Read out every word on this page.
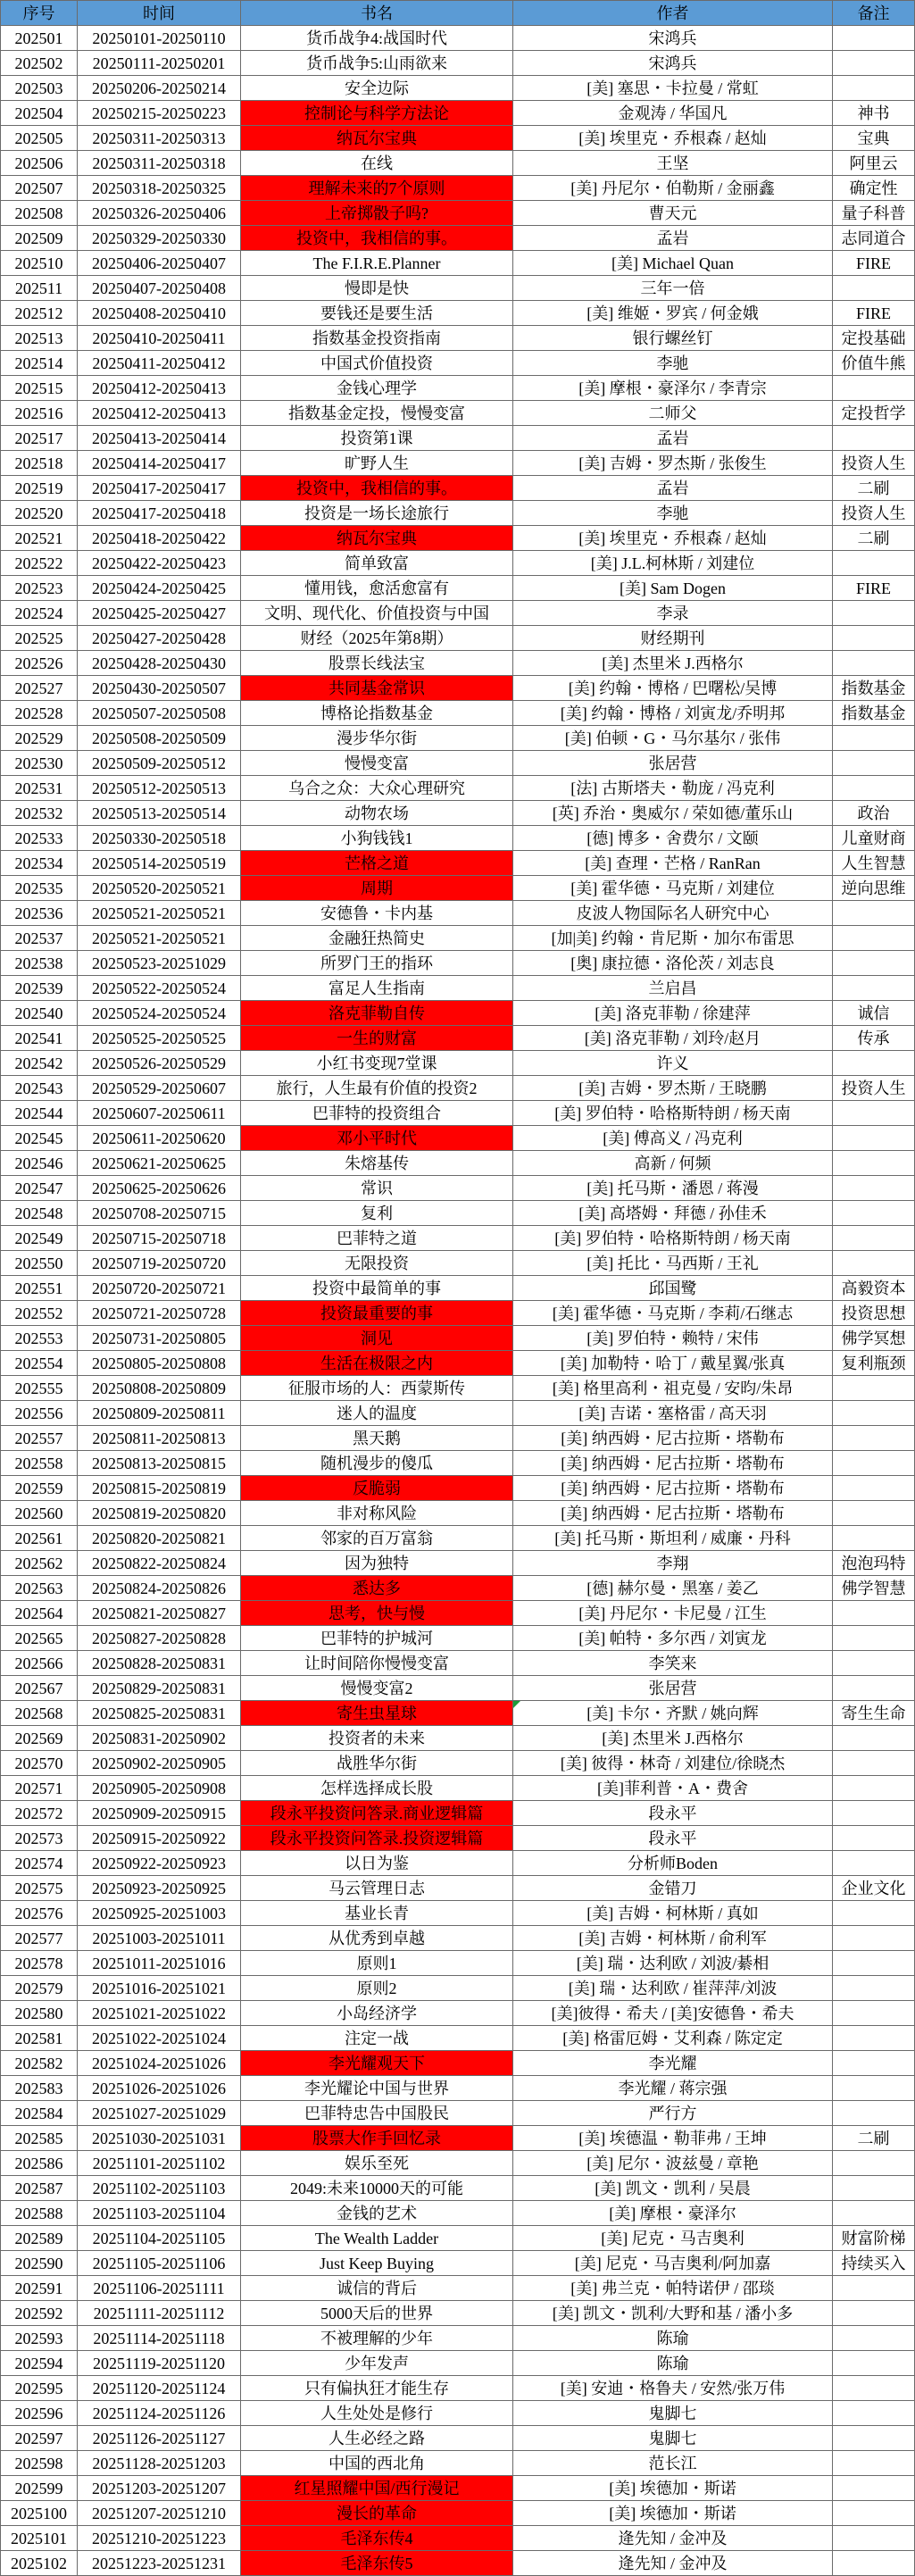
序号	时间	书名	作者	备注
202501	20250101-20250110	货币战争4:战国时代	宋鸿兵	
202502	20250111-20250201	货币战争5:山雨欲来	宋鸿兵	
202503	20250206-20250214	安全边际	[美] 塞思・卡拉曼 / 常虹	
202504	20250215-20250223	控制论与科学方法论	金观涛 / 华国凡	神书
202505	20250311-20250313	纳瓦尔宝典	[美] 埃里克・乔根森 / 赵灿	宝典
202506	20250311-20250318	在线	王坚	阿里云
202507	20250318-20250325	理解未来的7个原则	[美] 丹尼尔・伯勒斯 / 金丽鑫	确定性
202508	20250326-20250406	上帝掷骰子吗?	曹天元	量子科普
202509	20250329-20250330	投资中，我相信的事。	孟岩	志同道合
202510	20250406-20250407	The F.I.R.E.Planner	[美] Michael Quan	FIRE
202511	20250407-20250408	慢即是快	三年一倍	
202512	20250408-20250410	要钱还是要生活	[美] 维姬・罗宾 / 何金娥	FIRE
202513	20250410-20250411	指数基金投资指南	银行螺丝钉	定投基础
202514	20250411-20250412	中国式价值投资	李驰	价值牛熊
202515	20250412-20250413	金钱心理学	[美] 摩根・豪泽尔 / 李青宗	
202516	20250412-20250413	指数基金定投，慢慢变富	二师父	定投哲学
202517	20250413-20250414	投资第1课	孟岩	
202518	20250414-20250417	旷野人生	[美] 吉姆・罗杰斯 / 张俊生	投资人生
202519	20250417-20250417	投资中，我相信的事。	孟岩	二刷
202520	20250417-20250418	投资是一场长途旅行	李驰	投资人生
202521	20250418-20250422	纳瓦尔宝典	[美] 埃里克・乔根森 / 赵灿	二刷
202522	20250422-20250423	简单致富	[美] J.L.柯林斯 / 刘建位	
202523	20250424-20250425	懂用钱，愈活愈富有	[美] Sam Dogen	FIRE
202524	20250425-20250427	文明、现代化、价值投资与中国	李录	
202525	20250427-20250428	财经（2025年第8期）	财经期刊	
202526	20250428-20250430	股票长线法宝	[美] 杰里米 J.西格尔	
202527	20250430-20250507	共同基金常识	[美] 约翰・博格 / 巴曙松/吴博	指数基金
202528	20250507-20250508	博格论指数基金	[美] 约翰・博格 / 刘寅龙/乔明邦	指数基金
202529	20250508-20250509	漫步华尔街	[美] 伯顿・G・马尔基尔 / 张伟	
202530	20250509-20250512	慢慢变富	张居营	
202531	20250512-20250513	乌合之众：大众心理研究	[法] 古斯塔夫・勒庞 / 冯克利	
202532	20250513-20250514	动物农场	[英] 乔治・奥威尔 / 荣如德/董乐山	政治
202533	20250330-20250518	小狗钱钱1	[德] 博多・舍费尔 / 文颐	儿童财商
202534	20250514-20250519	芒格之道	[美] 查理・芒格 / RanRan	人生智慧
202535	20250520-20250521	周期	[美] 霍华德・马克斯 / 刘建位	逆向思维
202536	20250521-20250521	安德鲁・卡内基	皮波人物国际名人研究中心	
202537	20250521-20250521	金融狂热简史	[加|美] 约翰・肯尼斯・加尔布雷思	
202538	20250523-20251029	所罗门王的指环	[奥] 康拉德・洛伦茨 / 刘志良	
202539	20250522-20250524	富足人生指南	兰启昌	
202540	20250524-20250524	洛克菲勒自传	[美] 洛克菲勒 / 徐建萍	诚信
202541	20250525-20250525	一生的财富	[美] 洛克菲勒 / 刘玲/赵月	传承
202542	20250526-20250529	小红书变现7堂课	许义	
202543	20250529-20250607	旅行，人生最有价值的投资2	[美] 吉姆・罗杰斯 / 王晓鹏	投资人生
202544	20250607-20250611	巴菲特的投资组合	[美] 罗伯特・哈格斯特朗 / 杨天南	
202545	20250611-20250620	邓小平时代	[美] 傅高义 / 冯克利	
202546	20250621-20250625	朱熔基传	高新 / 何频	
202547	20250625-20250626	常识	[美] 托马斯・潘恩 / 蒋漫	
202548	20250708-20250715	复利	[美] 高塔姆・拜德 / 孙佳禾	
202549	20250715-20250718	巴菲特之道	[美] 罗伯特・哈格斯特朗 / 杨天南	
202550	20250719-20250720	无限投资	[美] 托比・马西斯 / 王礼	
202551	20250720-20250721	投资中最简单的事	邱国鹭	高毅资本
202552	20250721-20250728	投资最重要的事	[美] 霍华德・马克斯 / 李莉/石继志	投资思想
202553	20250731-20250805	洞见	[美] 罗伯特・赖特 / 宋伟	佛学冥想
202554	20250805-20250808	生活在极限之内	[美] 加勒特・哈丁 / 戴星翼/张真	复利瓶颈
202555	20250808-20250809	征服市场的人：西蒙斯传	[美] 格里高利・祖克曼 / 安昀/朱昂	
202556	20250809-20250811	迷人的温度	[美] 吉诺・塞格雷 / 高天羽	
202557	20250811-20250813	黑天鹅	[美] 纳西姆・尼古拉斯・塔勒布	
202558	20250813-20250815	随机漫步的傻瓜	[美] 纳西姆・尼古拉斯・塔勒布	
202559	20250815-20250819	反脆弱	[美] 纳西姆・尼古拉斯・塔勒布	
202560	20250819-20250820	非对称风险	[美] 纳西姆・尼古拉斯・塔勒布	
202561	20250820-20250821	邻家的百万富翁	[美] 托马斯・斯坦利 / 威廉・丹科	
202562	20250822-20250824	因为独特	李翔	泡泡玛特
202563	20250824-20250826	悉达多	[德] 赫尔曼・黑塞 / 姜乙	佛学智慧
202564	20250821-20250827	思考，快与慢	[美] 丹尼尔・卡尼曼 / 江生	
202565	20250827-20250828	巴菲特的护城河	[美] 帕特・多尔西 / 刘寅龙	
202566	20250828-20250831	让时间陪你慢慢变富	李笑来	
202567	20250829-20250831	慢慢变富2	张居营	
202568	20250825-20250831	寄生虫星球	[美] 卡尔・齐默 / 姚向辉	寄生生命
202569	20250831-20250902	投资者的未来	[美] 杰里米 J.西格尔	
202570	20250902-20250905	战胜华尔街	[美] 彼得・林奇 / 刘建位/徐晓杰	
202571	20250905-20250908	怎样选择成长股	[美]菲利普・A・费舍	
202572	20250909-20250915	段永平投资问答录.商业逻辑篇	段永平	
202573	20250915-20250922	段永平投资问答录.投资逻辑篇	段永平	
202574	20250922-20250923	以日为鉴	分析师Boden	
202575	20250923-20250925	马云管理日志	金错刀	企业文化
202576	20250925-20251003	基业长青	[美] 吉姆・柯林斯 / 真如	
202577	20251003-20251011	从优秀到卓越	[美] 吉姆・柯林斯 / 俞利军	
202578	20251011-20251016	原则1	[美] 瑞・达利欧 / 刘波/綦相	
202579	20251016-20251021	原则2	[美] 瑞・达利欧 / 崔萍萍/刘波	
202580	20251021-20251022	小岛经济学	[美]彼得・希夫 / [美]安德鲁・希夫	
202581	20251022-20251024	注定一战	[美] 格雷厄姆・艾利森 / 陈定定	
202582	20251024-20251026	李光耀观天下	李光耀	
202583	20251026-20251026	李光耀论中国与世界	李光耀 / 蒋宗强	
202584	20251027-20251029	巴菲特忠告中国股民	严行方	
202585	20251030-20251031	股票大作手回忆录	[美] 埃德温・勒菲弗 / 王坤	二刷
202586	20251101-20251102	娱乐至死	[美] 尼尔・波兹曼 / 章艳	
202587	20251102-20251103	2049:未来10000天的可能	[美] 凯文・凯利 / 吴晨	
202588	20251103-20251104	金钱的艺术	[美] 摩根・豪泽尔	
202589	20251104-20251105	The Wealth Ladder	[美] 尼克・马吉奥利	财富阶梯
202590	20251105-20251106	Just Keep Buying	[美] 尼克・马吉奥利/阿加嘉	持续买入
202591	20251106-20251111	诚信的背后	[美] 弗兰克・帕特诺伊 / 邵琰	
202592	20251111-20251112	5000天后的世界	[美] 凯文・凯利/大野和基 / 潘小多	
202593	20251114-20251118	不被理解的少年	陈瑜	
202594	20251119-20251120	少年发声	陈瑜	
202595	20251120-20251124	只有偏执狂才能生存	[美] 安迪・格鲁夫 / 安然/张万伟	
202596	20251124-20251126	人生处处是修行	鬼脚七	
202597	20251126-20251127	人生必经之路	鬼脚七	
202598	20251128-20251203	中国的西北角	范长江	
202599	20251203-20251207	红星照耀中国/西行漫记	[美] 埃德加・斯诺	
2025100	20251207-20251210	漫长的革命	[美] 埃德加・斯诺	
2025101	20251210-20251223	毛泽东传4	逄先知 / 金冲及	
2025102	20251223-20251231	毛泽东传5	逄先知 / 金冲及	
